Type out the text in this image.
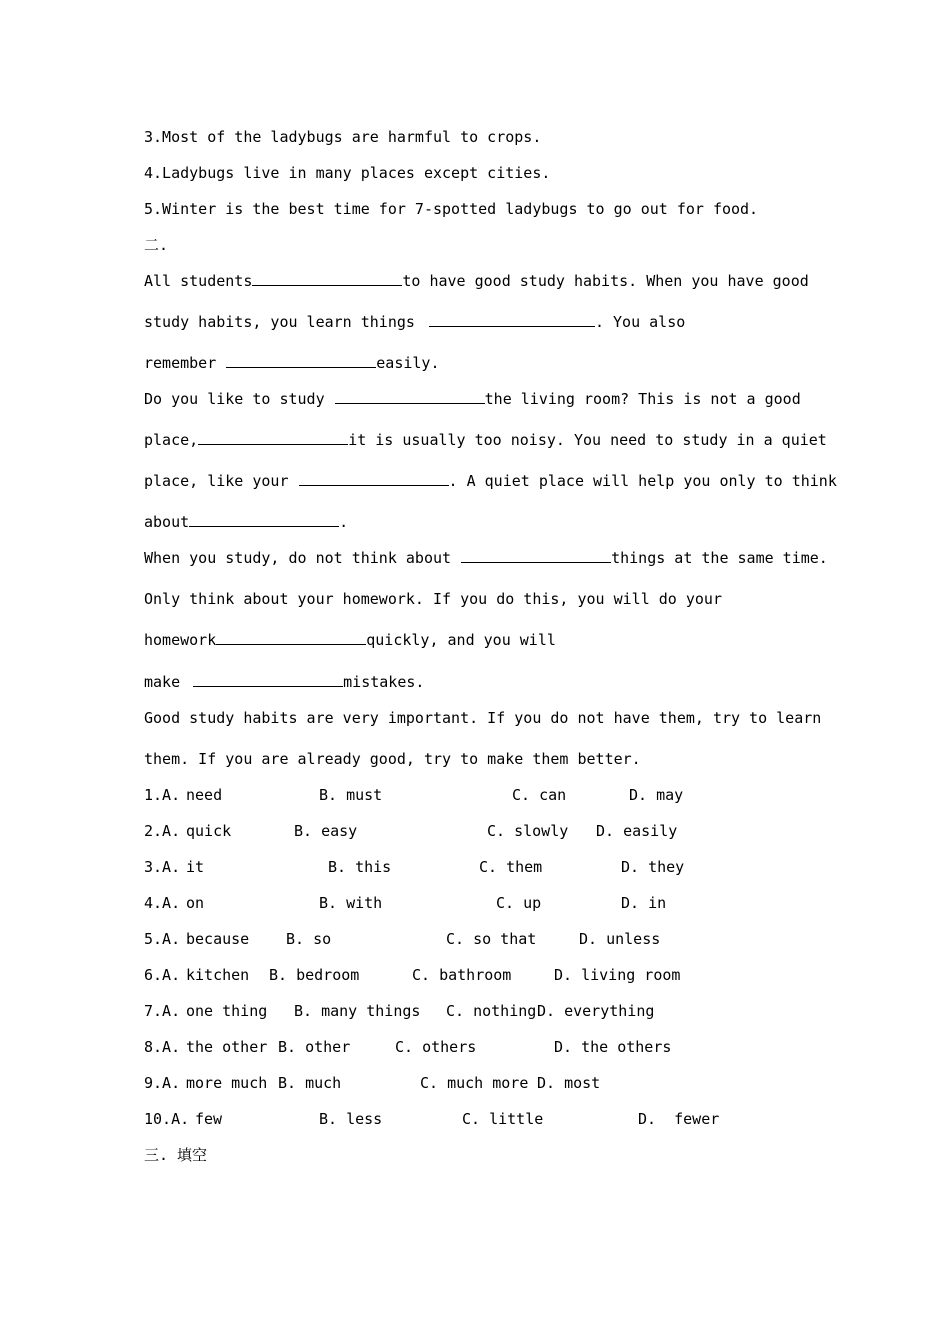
3.Most of the ladybugs are harmful to crops.
4.Ladybugs live in many places except cities.
5.Winter is the best time for 7-spotted ladybugs to go out for food.
二.
All students	to have good study habits. When you have good
study habits, you learn things	. You also
remember	easily.
Do you like to study	the living room? This is not a good
place,	it is usually too noisy. You need to study in a quiet
place, like your	. A quiet place will help you only to think
about	.
When you study, do not think about	things at the same time.
Only think about your homework. If you do this, you will do your
homework	quickly, and you will
make	mistakes.
Good study habits are very important. If you do not have them, try to learn
them. If you are already good, try to make them better.
1.A. need	B. must	C. can	D. may
2.A. quick	B. easy	C. slowly D. easily
3.A. it	B. this	C. them	D. they
4.A. on	B. with	C. up	D. in
5.A. because B. so	C. so that	D. unless
6.A. kitchen B. bedroom	C. bathroom	D. living room
7.A. one thing B. many things C. nothing D. everything
8.A. the other B. other	C. others	D. the others
9.A. more much B. much	C. much more D. most
10.A. few	B. less	C. little	D.  fewer
三. 填空
